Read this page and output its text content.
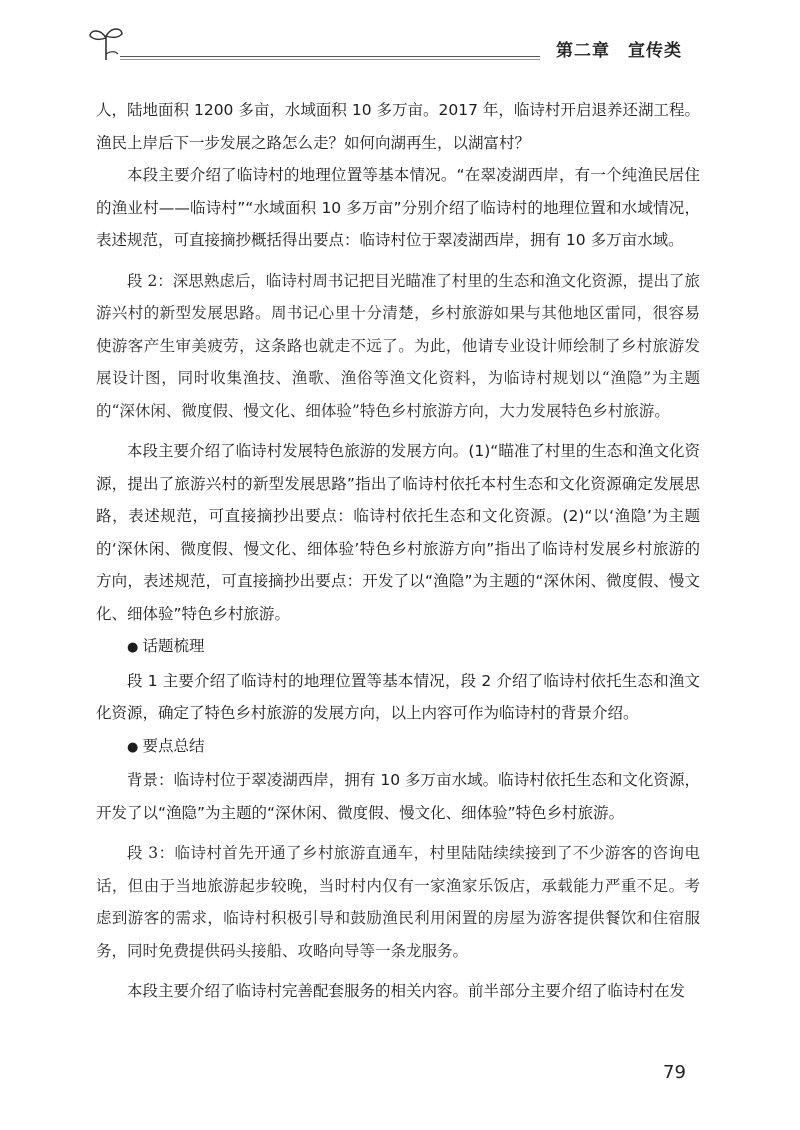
第二章　宣传类

人，陆地面积 1200 多亩，水域面积 10 多万亩。2017 年，临诗村开启退养还湖工程。渔民上岸后下一步发展之路怎么走？如何向湖再生，以湖富村？

本段主要介绍了临诗村的地理位置等基本情况。“在翠凌湖西岸，有一个纯渔民居住的渔业村——临诗村”“水域面积 10 多万亩”分别介绍了临诗村的地理位置和水域情况，表述规范，可直接摘抄概括得出要点：临诗村位于翠凌湖西岸，拥有 10 多万亩水域。

段 2：深思熟虑后，临诗村周书记把目光瞄准了村里的生态和渔文化资源，提出了旅游兴村的新型发展思路。周书记心里十分清楚，乡村旅游如果与其他地区雷同，很容易使游客产生审美疲劳，这条路也就走不远了。为此，他请专业设计师绘制了乡村旅游发展设计图，同时收集渔技、渔歌、渔俗等渔文化资料，为临诗村规划以“渔隐”为主题的“深休闲、微度假、慢文化、细体验”特色乡村旅游方向，大力发展特色乡村旅游。

本段主要介绍了临诗村发展特色旅游的发展方向。(1)“瞄准了村里的生态和渔文化资源，提出了旅游兴村的新型发展思路”指出了临诗村依托本村生态和文化资源确定发展思路，表述规范，可直接摘抄出要点：临诗村依托生态和文化资源。(2)“以‘渔隐’为主题的‘深休闲、微度假、慢文化、细体验’特色乡村旅游方向”指出了临诗村发展乡村旅游的方向，表述规范，可直接摘抄出要点：开发了以“渔隐”为主题的“深休闲、微度假、慢文化、细体验”特色乡村旅游。

● 话题梳理

段 1 主要介绍了临诗村的地理位置等基本情况，段 2 介绍了临诗村依托生态和渔文化资源，确定了特色乡村旅游的发展方向，以上内容可作为临诗村的背景介绍。

● 要点总结

背景：临诗村位于翠凌湖西岸，拥有 10 多万亩水域。临诗村依托生态和文化资源，开发了以“渔隐”为主题的“深休闲、微度假、慢文化、细体验”特色乡村旅游。

段 3：临诗村首先开通了乡村旅游直通车，村里陆陆续续接到了不少游客的咨询电话，但由于当地旅游起步较晚，当时村内仅有一家渔家乐饭店，承载能力严重不足。考虑到游客的需求，临诗村积极引导和鼓励渔民利用闲置的房屋为游客提供餐饮和住宿服务，同时免费提供码头接船、攻略向导等一条龙服务。

本段主要介绍了临诗村完善配套服务的相关内容。前半部分主要介绍了临诗村在发

79
